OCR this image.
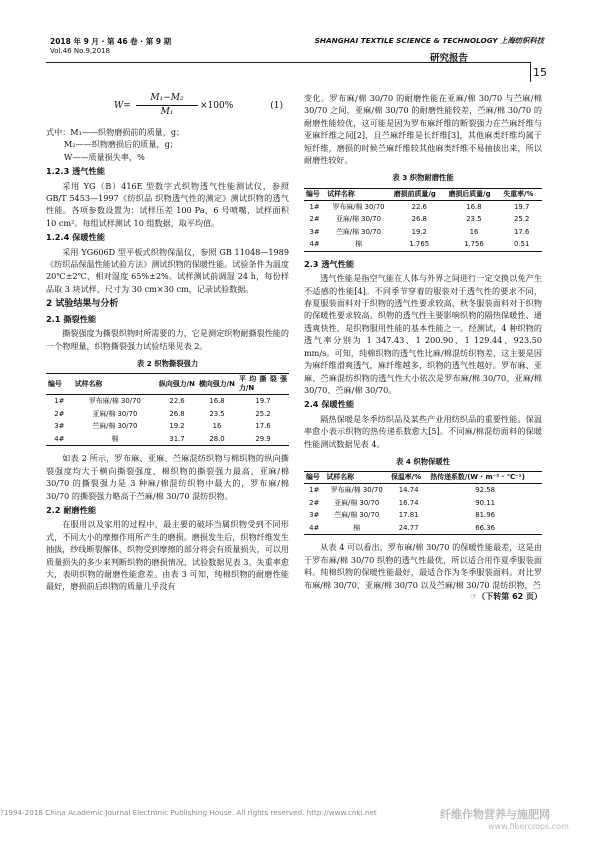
2018 年 9 月 · 第 46 卷 · 第 9 期
Vol.46 No.9,2018
SHANGHAI TEXTILE SCIENCE & TECHNOLOGY 上海纺织科技
研究报告
15
$W= \frac{\text{M₁−M₂}}{\text{M₁}} \times 100\%$	(1)
式中：M₁——织物磨损前的质量，g；
M₂——织物磨损后的质量，g；
W——质量损失率，%
1.2.3 透气性能

采用 YG（B）416E 型数字式织物透气性能测试仪，参照 GB/T 5453—1997《纺织品 织物透气性的测定》测试织物的透气性能。各项参数设置为：试样压差 100 Pa，6 号喷嘴，试样面积 10 cm²。每组试样测试 10 组数据，取平均值。

1.2.4 保暖性能

采用 YG606D 型平板式织物保温仪，参照 GB 11048—1989《纺织品保温性能试验方法》测试织物的保暖性能。试验条件为温度 20℃±2℃，相对湿度 65%±2%。试样测试前调湿 24 h，每份样品取 3 块试样，尺寸为 30 cm×30 cm，记录试验数据。

2 试验结果与分析
2.1 撕裂性能

撕裂强度为撕裂织物时所需要的力，它是测定织物耐撕裂性能的一个物理量，织物撕裂强力试验结果见表 2。

表 2 织物撕裂强力
编号	试样名称	纵向强力/N	横向强力/N	平均撕裂强力/N
1#	罗布麻/棉 30/70	22.6	16.8	19.7
2#	亚麻/棉 30/70	26.8	23.5	25.2
3#	苎麻/棉 30/70	19.2	16	17.6
4#	棉	31.7	28.0	29.9

如表 2 所示，罗布麻、亚麻、苎麻混纺织物与棉织物的纵向撕裂强度均大于横向撕裂强度，棉织物的撕裂强力最高，亚麻/棉 30/70 的撕裂强力是 3 种麻/棉混纺织物中最大的，罗布麻/棉 30/70 的撕裂强力略高于苎麻/棉 30/70 混纺织物。

2.2 耐磨性能

在服用以及家用的过程中，最主要的破坏当属织物受到不同形式，不同大小的摩擦作用所产生的磨损。磨损发生后，织物纤维发生抽拔，纱线断裂解体，织物受到摩擦的部分将会有质量损失，可以用质量损失的多少来判断织物的磨损情况，试验数据见表 3。失重率愈大，表明织物的耐磨性能愈差。由表 3 可知，纯棉织物的耐磨性能最好，磨损前后织物的质量几乎没有

变化。罗布麻/棉 30/70 的耐磨性能在亚麻/棉 30/70 与苎麻/棉 30/70 之间，亚麻/棉 30/70 的耐磨性能较差，苎麻/棉 30/70 的耐磨性能较优，这可能是因为罗布麻纤维的断裂强力在苎麻纤维与亚麻纤维之间[2]，且苎麻纤维是长纤维[3]，其他麻类纤维均属于短纤维，磨损的时候苎麻纤维较其他麻类纤维不易抽拔出来，所以耐磨性较好。

表 3 织物耐磨性能
编号	试样名称	磨损前质量/g	磨损后质量/g	失重率/%
1#	罗布麻/棉 30/70	22.6	16.8	19.7
2#	亚麻/棉 30/70	26.8	23.5	25.2
3#	苎麻/棉 30/70	19.2	16	17.6
4#	棉	1.765	1.756	0.51
2.3 透气性能

透气性能是指空气能在人体与外界之间进行一定交换以免产生不适感的性能[4]。不同季节穿着的服装对于透气性的要求不同，春夏服装面料对于织物的透气性要求较高，秋冬服装面料对于织物的保暖性要求较高。织物的透气性主要影响织物的隔热保暖性、通透爽快性，是织物服用性能的基本性能之一。经测试，4 种织物的透气率分别为 1 347.43、1 200.90、1 129.44、923.50 mm/s。可知，纯棉织物的透气性比麻/棉混纺织物差，这主要是因为麻纤维滑爽透气，麻纤维越多，织物的透气性越好。罗布麻、亚麻、苎麻混纺织物的透气性大小依次是罗布麻/棉 30/70、亚麻/棉 30/70、苎麻/棉 30/70。

2.4 保暖性能

隔热保暖是冬季纺织品及某些产业用纺织品的重要性能。保温率愈小表示织物的热传递系数愈大[5]。不同麻/棉混纺面料的保暖性能测试数据见表 4。

表 4 织物保暖性
编号	试样名称	保温率/%	热传递系数/(W · m⁻² · ℃⁻¹)
1#	罗布麻/棉 30/70	14.74	92.58
2#	亚麻/棉 30/70	16.74	90.11
3#	苎麻/棉 30/70	17.81	81.96
4#	棉	24.77	66.36

从表 4 可以看出，罗布麻/棉 30/70 的保暖性能最差，这是由于罗布麻/棉 30/70 织物的透气性最优，所以适合用作夏季服装面料。纯棉织物的保暖性能最好，最适合作为冬季服装面料。对比罗布麻/棉 30/70、亚麻/棉 30/70 以及苎麻/棉 30/70 混纺织物，苎

☞（下转第 62 页）
?1994-2018 China Academic Journal Electronic Publishing House. All rights reserved. http://www.cnki.net	纤维作物营养与施肥网
www.fibercrops.com
